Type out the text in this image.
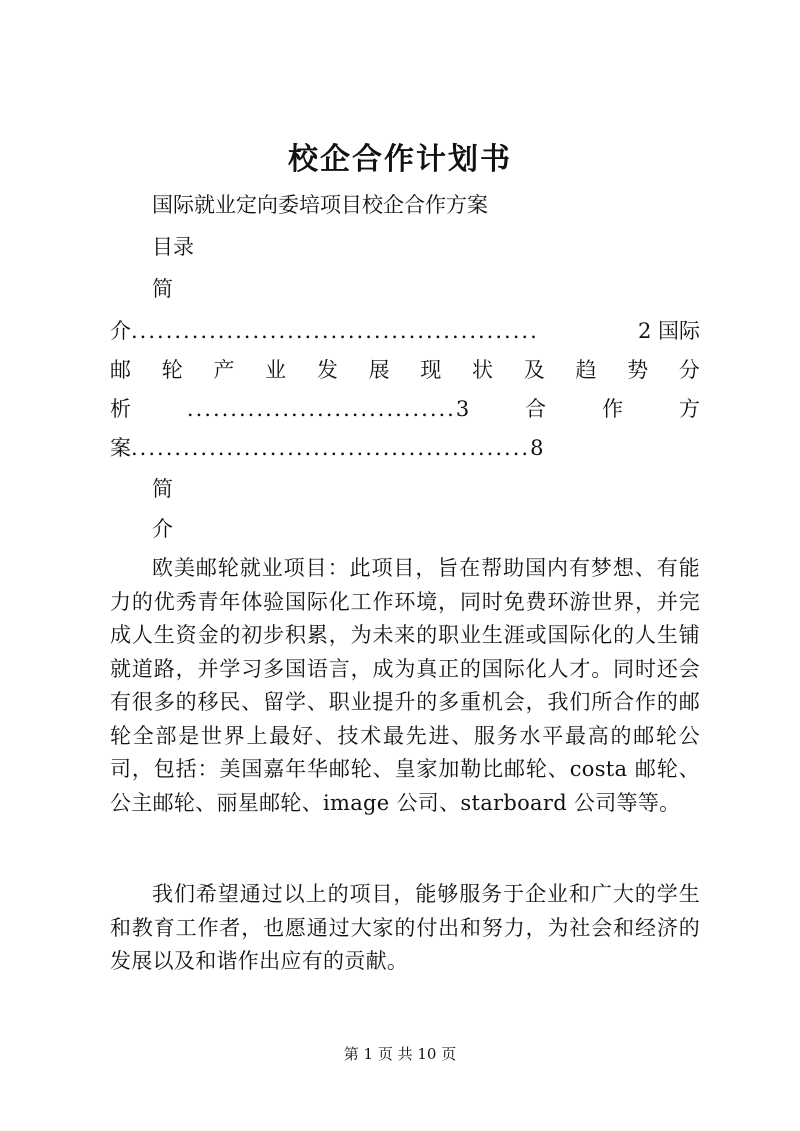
校企合作计划书
国际就业定向委培项目校企合作方案
目录
简
介 ...............................................	2 国际
邮 轮 产 业 发 展 现 状 及 趋 势 分
析	...............................3	合	作	方
案..............................................8
简
介
欧美邮轮就业项目：此项目，旨在帮助国内有梦想、有能力的优秀青年体验国际化工作环境，同时免费环游世界，并完成人生资金的初步积累，为未来的职业生涯或国际化的人生铺就道路，并学习多国语言，成为真正的国际化人才。同时还会有很多的移民、留学、职业提升的多重机会，我们所合作的邮轮全部是世界上最好、技术最先进、服务水平最高的邮轮公司，包括：美国嘉年华邮轮、皇家加勒比邮轮、costa 邮轮、公主邮轮、丽星邮轮、image 公司、starboard 公司等等。
我们希望通过以上的项目，能够服务于企业和广大的学生和教育工作者，也愿通过大家的付出和努力，为社会和经济的发展以及和谐作出应有的贡献。
第 1 页 共 10 页
